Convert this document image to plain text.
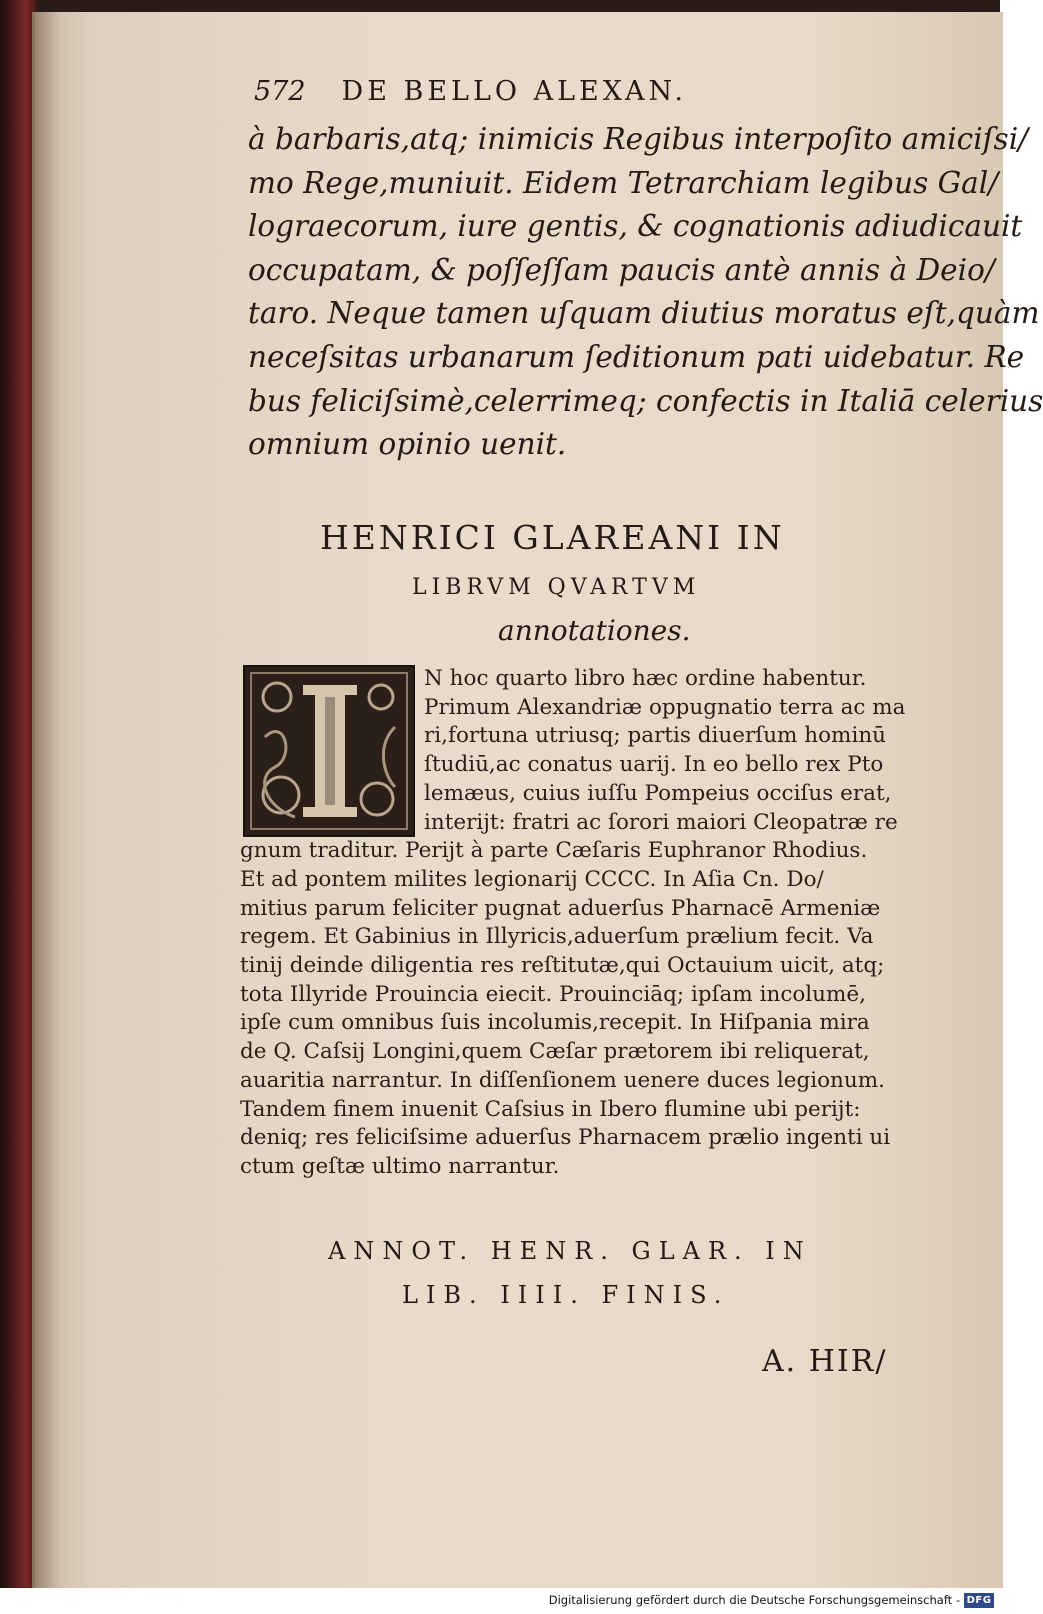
572 DE BELLO ALEXAN.
à barbaris,atq; inimicis Regibus interpoſito amiciſsi/
mo Rege,muniuit. Eidem Tetrarchiam legibus Gal/
lograecorum, iure gentis, & cognationis adiudicauit
occupatam, & poſſeſſam paucis antè annis à Deio/
taro. Neque tamen uſquam diutius moratus eſt,quàm
neceſsitas urbanarum ſeditionum pati uidebatur. Re
bus feliciſsimè,celerrimeq; confectis in Italiā celerius
omnium opinio uenit.
HENRICI GLAREANI IN
LIBRVM QVARTVM
annotationes.
N hoc quarto libro hæc ordine habentur.
Primum Alexandriæ oppugnatio terra ac ma
ri,fortuna utriusq; partis diuerſum hominū
ſtudiū,ac conatus uarij. In eo bello rex Pto
lemæus, cuius iuſſu Pompeius occiſus erat,
interijt: fratri ac ſorori maiori Cleopatræ re
gnum traditur. Perijt à parte Cæſaris Euphranor Rhodius.
Et ad pontem milites legionarij CCCC. In Aſia Cn. Do/
mitius parum feliciter pugnat aduerſus Pharnacē Armeniæ
regem. Et Gabinius in Illyricis,aduerſum prælium fecit. Va
tinij deinde diligentia res reſtitutæ,qui Octauium uicit, atq;
tota Illyride Prouincia eiecit. Prouinciāq; ipſam incolumē,
ipſe cum omnibus ſuis incolumis,recepit. In Hiſpania mira
de Q. Caſsij Longini,quem Cæſar prætorem ibi reliquerat,
auaritia narrantur. In diſſenſionem uenere duces legionum.
Tandem finem inuenit Caſsius in Ibero flumine ubi perijt:
deniq; res feliciſsime aduerſus Pharnacem prælio ingenti ui
ctum geſtæ ultimo narrantur.
ANNOT. HENR. GLAR. IN
LIB. IIII. FINIS.
A. HIR/
Digitalisierung gefördert durch die Deutsche Forschungsgemeinschaft - DFG
